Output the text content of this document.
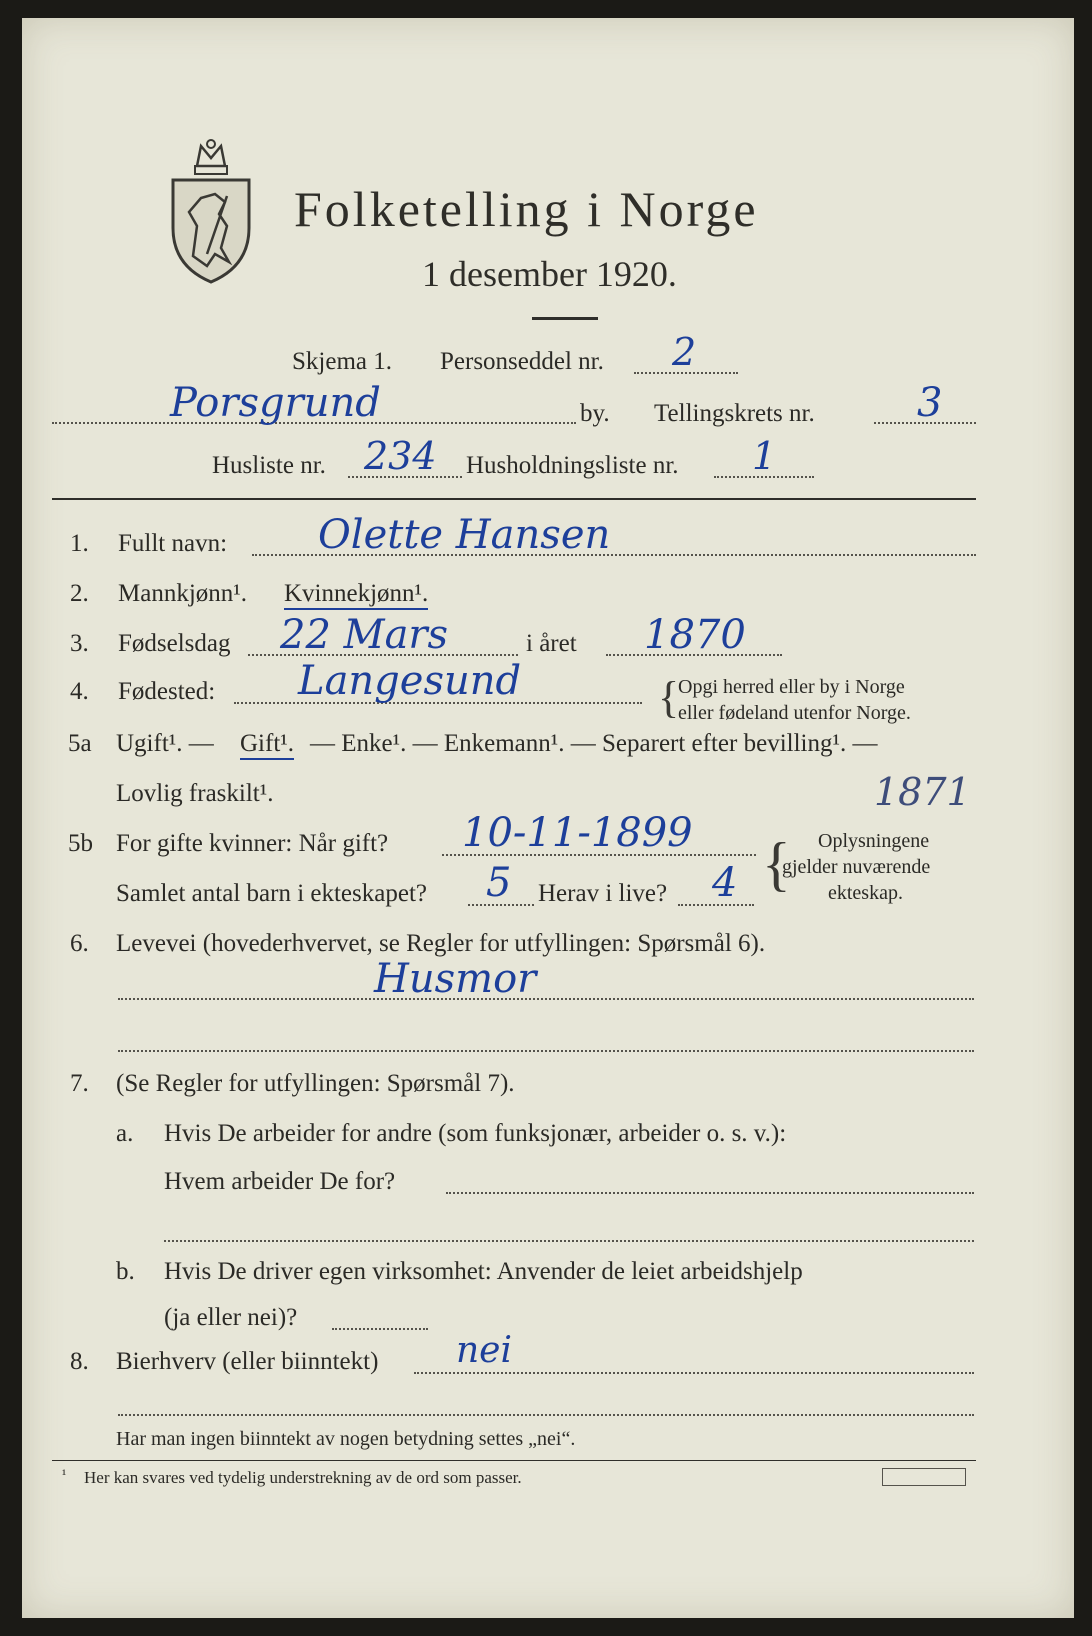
Folketelling i Norge
1 desember 1920.
Skjema 1. Personseddel nr. 2
Porsgrund	by. Tellingskrets nr.	3
Husliste nr. 234 Husholdningsliste nr. 1
1. Fullt navn: Olette Hansen
2. Mannkjønn¹. Kvinnekjønn¹.
3. Fødselsdag 22 Mars	i året 1870
4. Fødested: Langesund	{
Opgi herred eller by i Norge
eller fødeland utenfor Norge.
5a Ugift¹. — Gift¹. — Enke¹. — Enkemann¹. — Separert efter bevilling¹. —
Lovlig fraskilt¹.	1871
5b For gifte kvinner: Når gift? 10-11-1899
Samlet antal barn i ekteskapet? 5 Herav i live? 4 { Oplysningene
gjelder nuværende
ekteskap.
6. Levevei (hovederhvervet, se Regler for utfyllingen: Spørsmål 6).
Husmor
7. (Se Regler for utfyllingen: Spørsmål 7).
a. Hvis De arbeider for andre (som funksjonær, arbeider o. s. v.):
Hvem arbeider De for?
b. Hvis De driver egen virksomhet: Anvender de leiet arbeidshjelp
(ja eller nei)?
8. Bierhverv (eller biinntekt) nei
Har man ingen biinntekt av nogen betydning settes „nei“.
¹ Her kan svares ved tydelig understrekning av de ord som passer.
